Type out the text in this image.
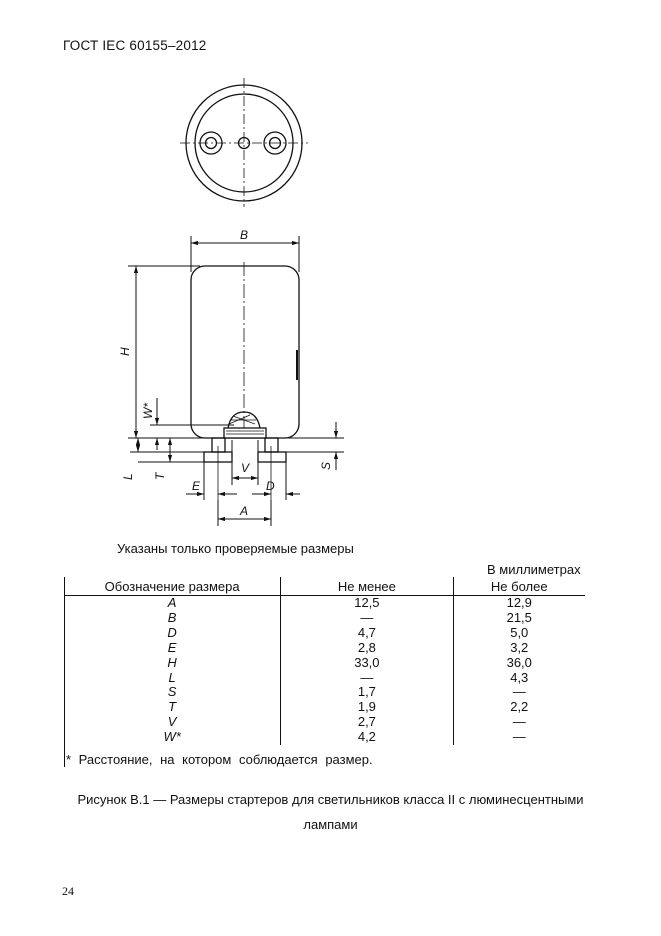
ГОСТ IEC 60155–2012
B
H
W*
L T
S
V
E	D
A
Указаны только проверяемые размеры
В миллиметрах
Обозначение размера	Не менее	Не более
A	12,5	12,9
B	—	21,5
D	4,7	5,0
E	2,8	3,2
H	33,0	36,0
L	—	4,3
S	1,7	—
T	1,9	2,2
V	2,7	—
W*	4,2	—
* Расстояние, на котором соблюдается размер.
Рисунок В.1 — Размеры стартеров для светильников класса II с люминесцентными
лампами
24
